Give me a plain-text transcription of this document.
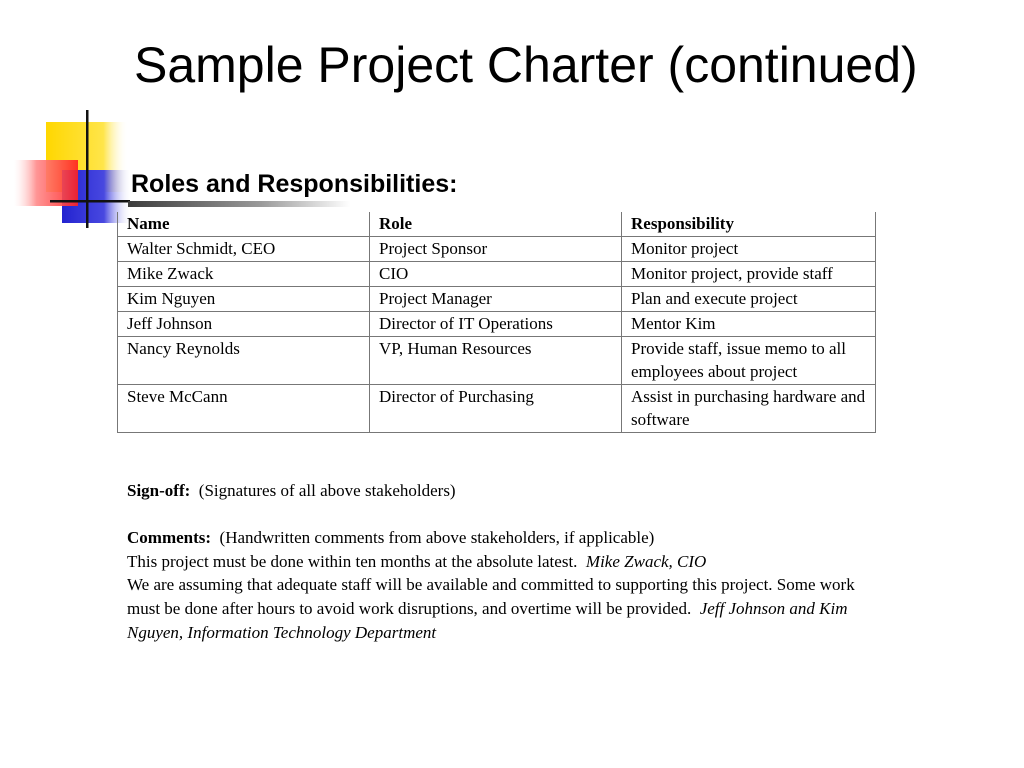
Sample Project Charter (continued)
Roles and Responsibilities:
Name	Role	Responsibility
Walter Schmidt, CEO	Project Sponsor	Monitor project
Mike Zwack	CIO	Monitor project, provide staff
Kim Nguyen	Project Manager	Plan and execute project
Jeff Johnson	Director of IT Operations	Mentor Kim
Nancy Reynolds	VP, Human Resources	Provide staff, issue memo to all employees about project
Steve McCann	Director of Purchasing	Assist in purchasing hardware and software

Sign-off: (Signatures of all above stakeholders)

Comments: (Handwritten comments from above stakeholders, if applicable)

This project must be done within ten months at the absolute latest. Mike Zwack, CIO

We are assuming that adequate staff will be available and committed to supporting this project. Some work must be done after hours to avoid work disruptions, and overtime will be provided. Jeff Johnson and Kim Nguyen, Information Technology Department
